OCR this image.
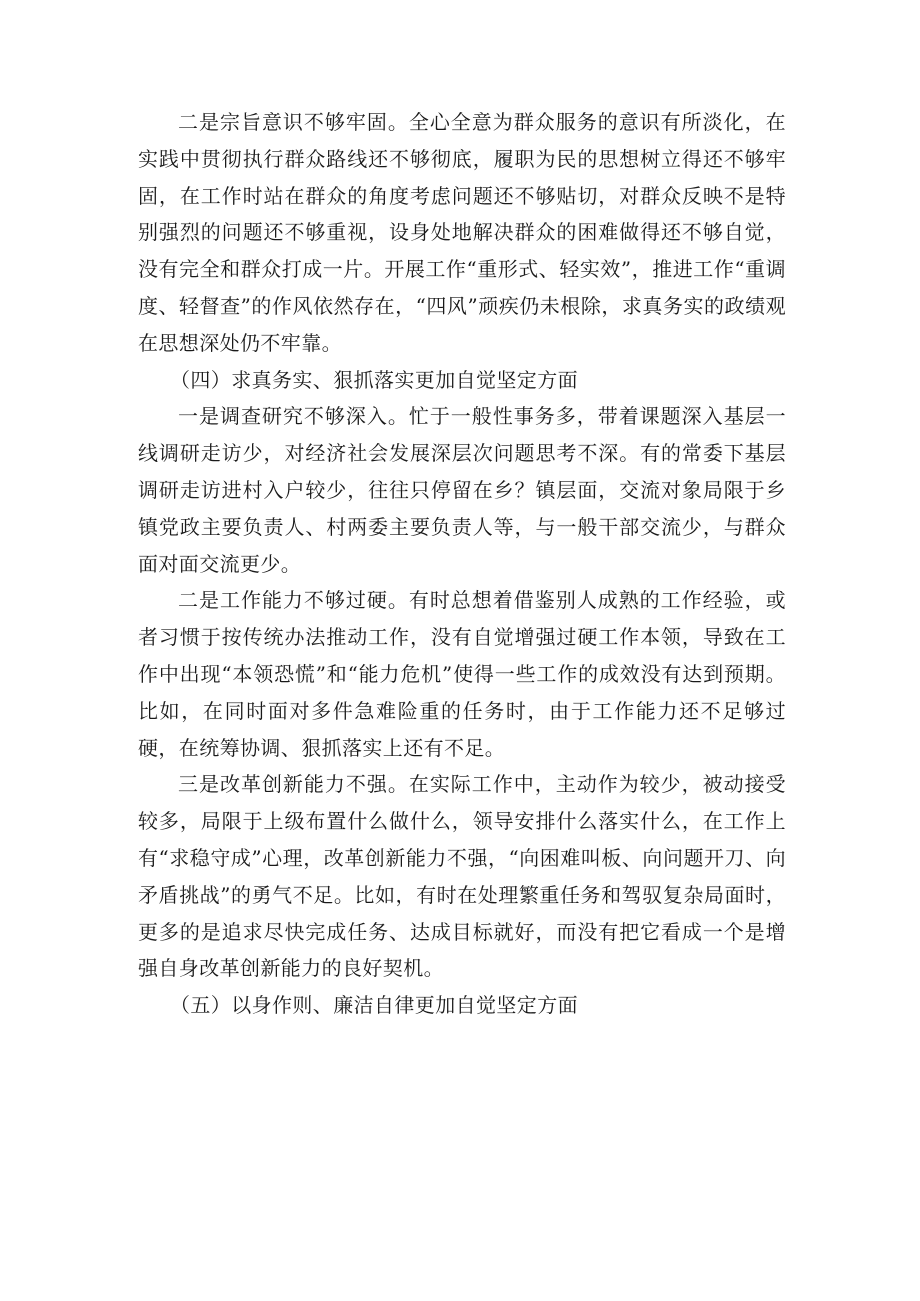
二是宗旨意识不够牢固。全心全意为群众服务的意识有所淡化，在实践中贯彻执行群众路线还不够彻底，履职为民的思想树立得还不够牢固，在工作时站在群众的角度考虑问题还不够贴切，对群众反映不是特别强烈的问题还不够重视，设身处地解决群众的困难做得还不够自觉，没有完全和群众打成一片。开展工作“重形式、轻实效”，推进工作“重调度、轻督查”的作风依然存在，“四风”顽疾仍未根除，求真务实的政绩观在思想深处仍不牢靠。

（四）求真务实、狠抓落实更加自觉坚定方面

一是调查研究不够深入。忙于一般性事务多，带着课题深入基层一线调研走访少，对经济社会发展深层次问题思考不深。有的常委下基层调研走访进村入户较少，往往只停留在乡？镇层面，交流对象局限于乡镇党政主要负责人、村两委主要负责人等，与一般干部交流少，与群众面对面交流更少。

二是工作能力不够过硬。有时总想着借鉴别人成熟的工作经验，或者习惯于按传统办法推动工作，没有自觉增强过硬工作本领，导致在工作中出现“本领恐慌”和“能力危机”使得一些工作的成效没有达到预期。比如，在同时面对多件急难险重的任务时，由于工作能力还不足够过硬，在统筹协调、狠抓落实上还有不足。

三是改革创新能力不强。在实际工作中，主动作为较少，被动接受较多，局限于上级布置什么做什么，领导安排什么落实什么，在工作上有“求稳守成”心理，改革创新能力不强，“向困难叫板、向问题开刀、向矛盾挑战”的勇气不足。比如，有时在处理繁重任务和驾驭复杂局面时，更多的是追求尽快完成任务、达成目标就好，而没有把它看成一个是增强自身改革创新能力的良好契机。

（五）以身作则、廉洁自律更加自觉坚定方面
